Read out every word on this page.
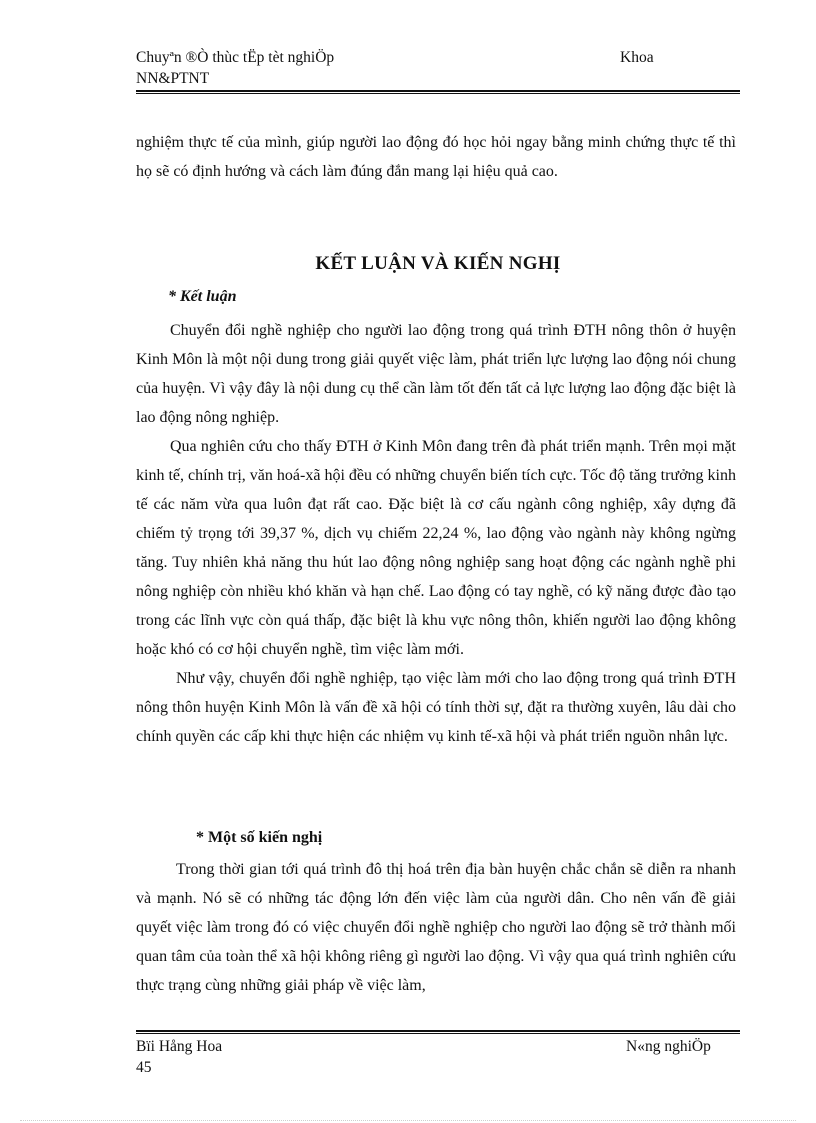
Chuyªn ®Ò thùc tËp tèt nghiÖp	Khoa
NN&PTNT

nghiệm thực tế của mình, giúp người lao động đó học hỏi ngay bằng minh chứng thực tế thì họ sẽ có định hướng và cách làm đúng đắn mang lại hiệu quả cao.

KẾT LUẬN VÀ KIẾN NGHỊ
* Kết luận

Chuyển đổi nghề nghiệp cho người lao động trong quá trình ĐTH nông thôn ở huyện Kinh Môn là một nội dung trong giải quyết việc làm, phát triển lực lượng lao động nói chung của huyện. Vì vậy đây là nội dung cụ thể cần làm tốt đến tất cả lực lượng lao động đặc biệt là lao động nông nghiệp.

Qua nghiên cứu cho thấy ĐTH ở Kinh Môn đang trên đà phát triển mạnh. Trên mọi mặt kinh tế, chính trị, văn hoá-xã hội đều có những chuyển biến tích cực. Tốc độ tăng trưởng kinh tế các năm vừa qua luôn đạt rất cao. Đặc biệt là cơ cấu ngành công nghiệp, xây dựng đã chiếm tỷ trọng tới 39,37 %, dịch vụ chiếm 22,24 %, lao động vào ngành này không ngừng tăng. Tuy nhiên khả năng thu hút lao động nông nghiệp sang hoạt động các ngành nghề phi nông nghiệp còn nhiều khó khăn và hạn chế. Lao động có tay nghề, có kỹ năng được đào tạo trong các lĩnh vực còn quá thấp, đặc biệt là khu vực nông thôn, khiến người lao động không hoặc khó có cơ hội chuyển nghề, tìm việc làm mới.

Như vậy, chuyển đổi nghề nghiệp, tạo việc làm mới cho lao động trong quá trình ĐTH nông thôn huyện Kinh Môn là vấn đề xã hội có tính thời sự, đặt ra thường xuyên, lâu dài cho chính quyền các cấp khi thực hiện các nhiệm vụ kinh tế-xã hội và phát triển nguồn nhân lực.

* Một số kiến nghị

Trong thời gian tới quá trình đô thị hoá trên địa bàn huyện chắc chắn sẽ diễn ra nhanh và mạnh. Nó sẽ có những tác động lớn đến việc làm của người dân. Cho nên vấn đề giải quyết việc làm trong đó có việc chuyển đổi nghề nghiệp cho người lao động sẽ trở thành mối quan tâm của toàn thể xã hội không riêng gì người lao động. Vì vậy qua quá trình nghiên cứu thực trạng cùng những giải pháp về việc làm,

Bïi Hång Hoa	N«ng nghiÖp
45
